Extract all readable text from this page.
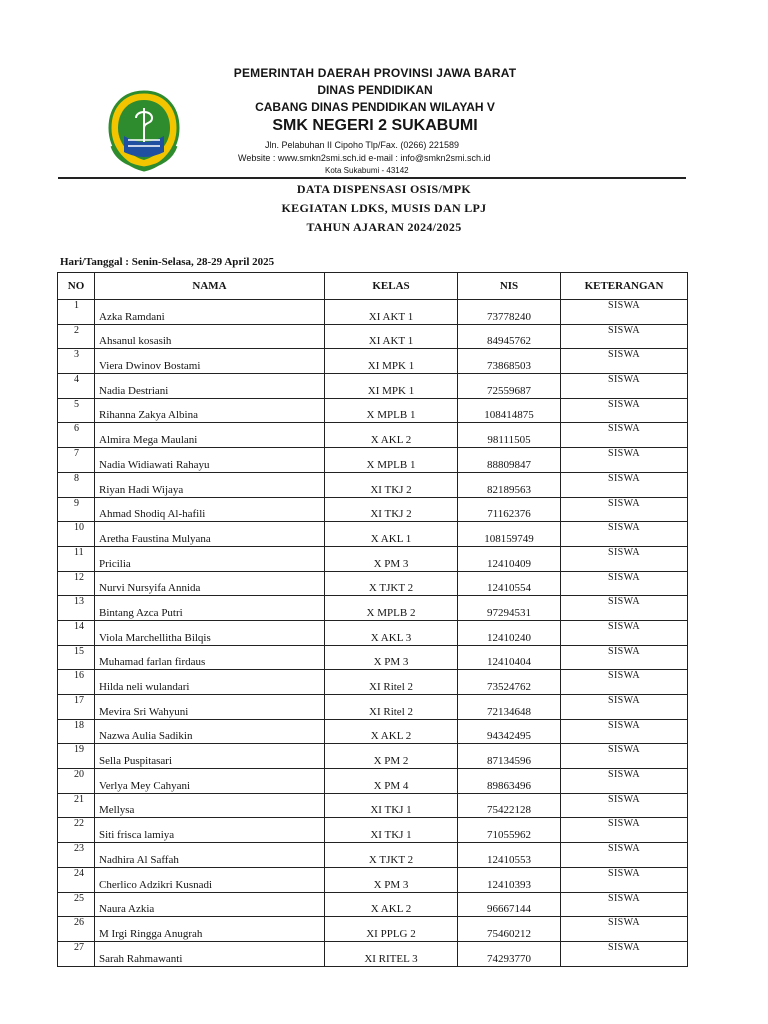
PEMERINTAH DAERAH PROVINSI JAWA BARAT
DINAS PENDIDIKAN
CABANG DINAS PENDIDIKAN WILAYAH V
SMK NEGERI 2 SUKABUMI
Jln. Pelabuhan II Cipoho Tlp/Fax. (0266) 221589
Website : www.smkn2smi.sch.id e-mail : info@smkn2smi.sch.id
Kota Sukabumi - 43142
DATA DISPENSASI OSIS/MPK
KEGIATAN LDKS, MUSIS DAN LPJ
TAHUN AJARAN 2024/2025
Hari/Tanggal : Senin-Selasa, 28-29 April 2025
NO	NAMA	KELAS	NIS	KETERANGAN
1	Azka Ramdani	XI AKT 1	73778240	SISWA
2	Ahsanul kosasih	XI AKT 1	84945762	SISWA
3	Viera Dwinov Bostami	XI MPK 1	73868503	SISWA
4	Nadia Destriani	XI MPK 1	72559687	SISWA
5	Rihanna Zakya Albina	X MPLB 1	108414875	SISWA
6	Almira Mega Maulani	X AKL 2	98111505	SISWA
7	Nadia Widiawati Rahayu	X MPLB 1	88809847	SISWA
8	Riyan Hadi Wijaya	XI TKJ 2	82189563	SISWA
9	Ahmad Shodiq Al-hafili	XI TKJ 2	71162376	SISWA
10	Aretha Faustina Mulyana	X AKL 1	108159749	SISWA
11	Pricilia	X PM 3	12410409	SISWA
12	Nurvi Nursyifa Annida	X TJKT 2	12410554	SISWA
13	Bintang Azca Putri	X MPLB 2	97294531	SISWA
14	Viola Marchellitha Bilqis	X AKL 3	12410240	SISWA
15	Muhamad farlan firdaus	X PM 3	12410404	SISWA
16	Hilda neli wulandari	XI Ritel 2	73524762	SISWA
17	Mevira Sri Wahyuni	XI Ritel 2	72134648	SISWA
18	Nazwa Aulia Sadikin	X AKL 2	94342495	SISWA
19	Sella Puspitasari	X PM 2	87134596	SISWA
20	Verlya Mey Cahyani	X PM 4	89863496	SISWA
21	Mellysa	XI TKJ 1	75422128	SISWA
22	Siti frisca lamiya	XI TKJ 1	71055962	SISWA
23	Nadhira Al Saffah	X TJKT 2	12410553	SISWA
24	Cherlico Adzikri Kusnadi	X PM 3	12410393	SISWA
25	Naura Azkia	X AKL 2	96667144	SISWA
26	M Irgi Ringga Anugrah	XI PPLG 2	75460212	SISWA
27	Sarah Rahmawanti	XI RITEL 3	74293770	SISWA
